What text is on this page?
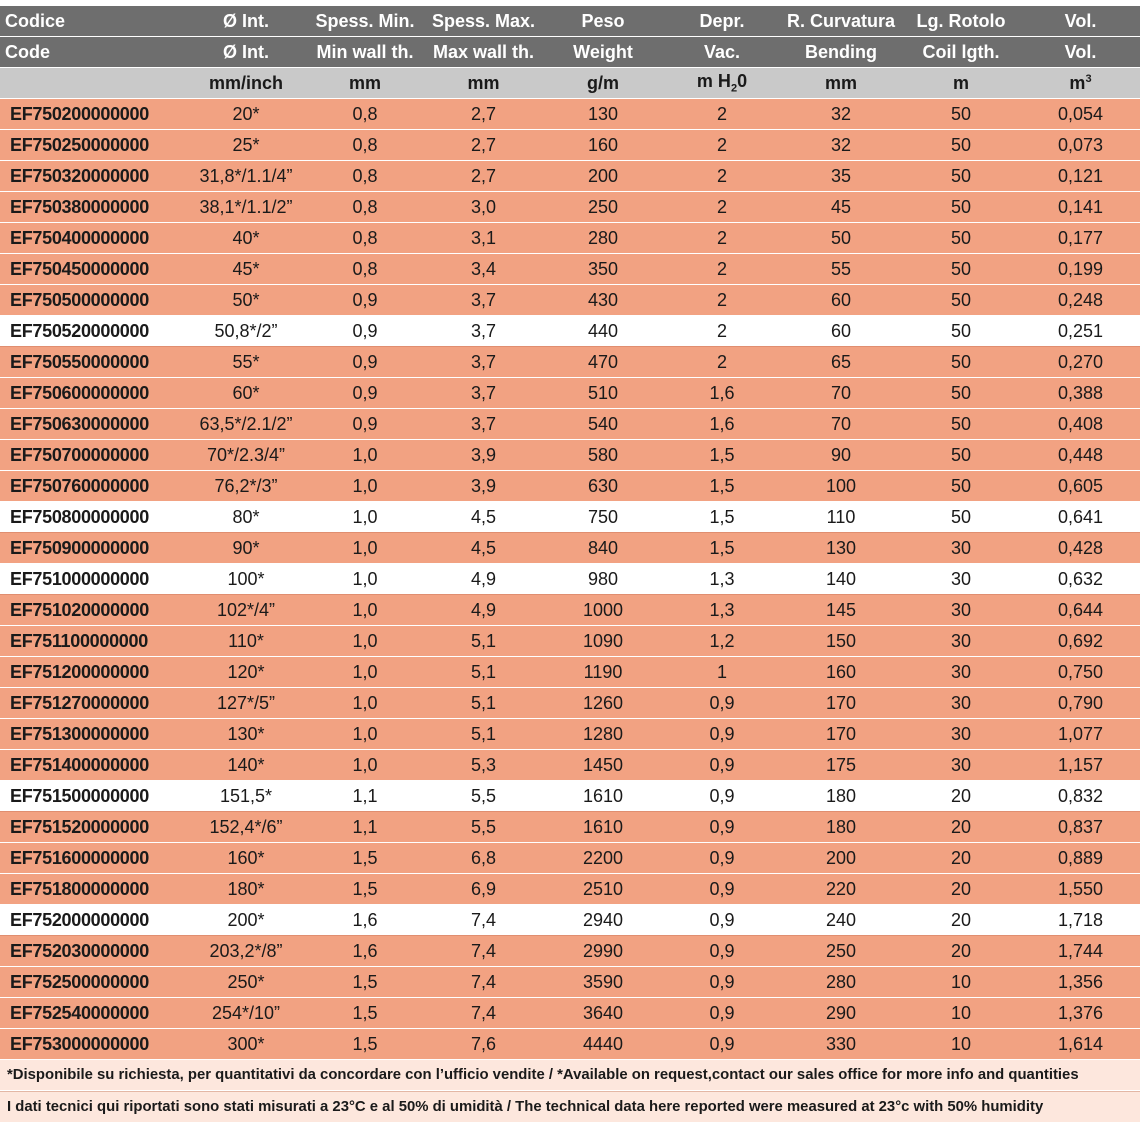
Codice	Ø Int.	Spess. Min.	Spess. Max.	Peso	Depr.	R. Curvatura	Lg. Rotolo	Vol.
Code	Ø Int.	Min wall th.	Max wall th.	Weight	Vac.	Bending	Coil lgth.	Vol.
	mm/inch	mm	mm	g/m	m $H_20$	mm	m	$m^3$
EF750200000000	20*	0,8	2,7	130	2	32	50	0,054
EF750250000000	25*	0,8	2,7	160	2	32	50	0,073
EF750320000000	31,8*/1.1/4”	0,8	2,7	200	2	35	50	0,121
EF750380000000	38,1*/1.1/2”	0,8	3,0	250	2	45	50	0,141
EF750400000000	40*	0,8	3,1	280	2	50	50	0,177
EF750450000000	45*	0,8	3,4	350	2	55	50	0,199
EF750500000000	50*	0,9	3,7	430	2	60	50	0,248
EF750520000000	50,8*/2”	0,9	3,7	440	2	60	50	0,251
EF750550000000	55*	0,9	3,7	470	2	65	50	0,270
EF750600000000	60*	0,9	3,7	510	1,6	70	50	0,388
EF750630000000	63,5*/2.1/2”	0,9	3,7	540	1,6	70	50	0,408
EF750700000000	70*/2.3/4”	1,0	3,9	580	1,5	90	50	0,448
EF750760000000	76,2*/3”	1,0	3,9	630	1,5	100	50	0,605
EF750800000000	80*	1,0	4,5	750	1,5	110	50	0,641
EF750900000000	90*	1,0	4,5	840	1,5	130	30	0,428
EF751000000000	100*	1,0	4,9	980	1,3	140	30	0,632
EF751020000000	102*/4”	1,0	4,9	1000	1,3	145	30	0,644
EF751100000000	110*	1,0	5,1	1090	1,2	150	30	0,692
EF751200000000	120*	1,0	5,1	1190	1	160	30	0,750
EF751270000000	127*/5”	1,0	5,1	1260	0,9	170	30	0,790
EF751300000000	130*	1,0	5,1	1280	0,9	170	30	1,077
EF751400000000	140*	1,0	5,3	1450	0,9	175	30	1,157
EF751500000000	151,5*	1,1	5,5	1610	0,9	180	20	0,832
EF751520000000	152,4*/6”	1,1	5,5	1610	0,9	180	20	0,837
EF751600000000	160*	1,5	6,8	2200	0,9	200	20	0,889
EF751800000000	180*	1,5	6,9	2510	0,9	220	20	1,550
EF752000000000	200*	1,6	7,4	2940	0,9	240	20	1,718
EF752030000000	203,2*/8”	1,6	7,4	2990	0,9	250	20	1,744
EF752500000000	250*	1,5	7,4	3590	0,9	280	10	1,356
EF752540000000	254*/10”	1,5	7,4	3640	0,9	290	10	1,376
EF753000000000	300*	1,5	7,6	4440	0,9	330	10	1,614
*Disponibile su richiesta, per quantitativi da concordare con l’ufficio vendite / *Available on request,contact our sales office for more info and quantities
I dati tecnici qui riportati sono stati misurati a 23°C e al 50% di umidità / The technical data here reported were measured at 23°c with 50% humidity
